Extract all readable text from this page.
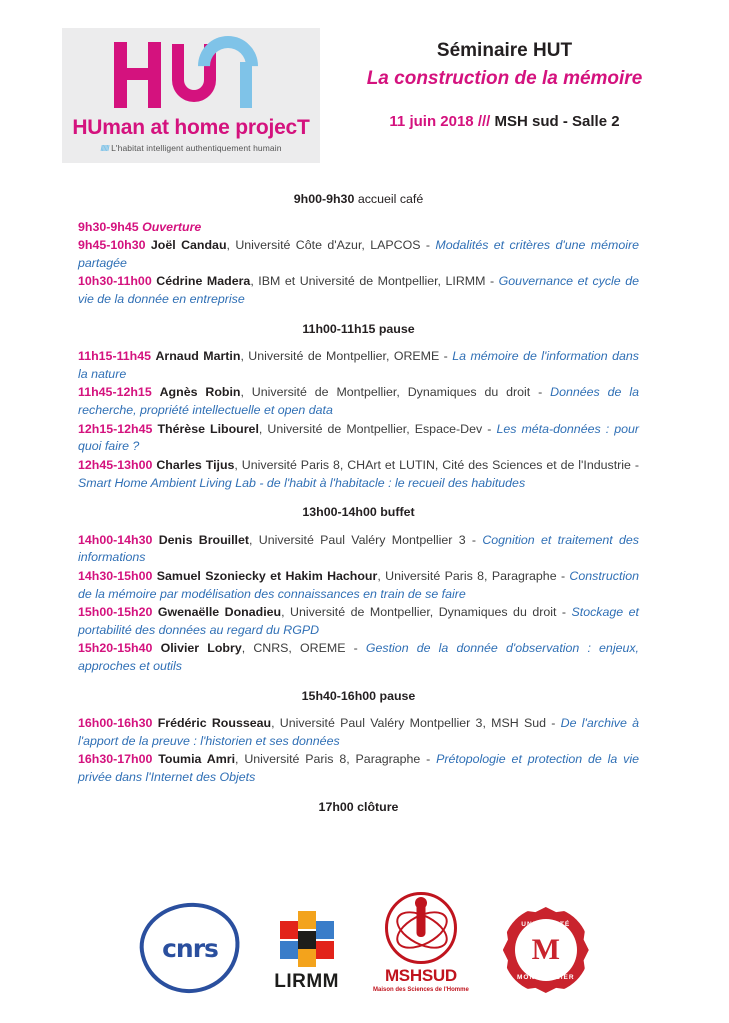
HUman at home projecT
////// L'habitat intelligent authentiquement humain
Séminaire HUT
La construction de la mémoire
11 juin 2018 /// MSH sud - Salle 2
9h00-9h30 accueil café
9h30-9h45 Ouverture
9h45-10h30 Joël Candau, Université Côte d'Azur, LAPCOS - Modalités et critères d'une mémoire partagée
10h30-11h00 Cédrine Madera, IBM et Université de Montpellier, LIRMM - Gouvernance et cycle de vie de la donnée en entreprise
11h00-11h15 pause
11h15-11h45 Arnaud Martin, Université de Montpellier, OREME - La mémoire de l'information dans la nature
11h45-12h15 Agnès Robin, Université de Montpellier, Dynamiques du droit - Données de la recherche, propriété intellectuelle et open data
12h15-12h45 Thérèse Libourel, Université de Montpellier, Espace-Dev - Les méta-données : pour quoi faire ?
12h45-13h00 Charles Tijus, Université Paris 8, CHArt et LUTIN, Cité des Sciences et de l'Industrie - Smart Home Ambient Living Lab - de l'habit à l'habitacle : le recueil des habitudes
13h00-14h00 buffet
14h00-14h30 Denis Brouillet, Université Paul Valéry Montpellier 3 - Cognition et traitement des informations
14h30-15h00 Samuel Szoniecky et Hakim Hachour, Université Paris 8, Paragraphe - Construction de la mémoire par modélisation des connaissances en train de se faire
15h00-15h20 Gwenaëlle Donadieu, Université de Montpellier, Dynamiques du droit - Stockage et portabilité des données au regard du RGPD
15h20-15h40 Olivier Lobry, CNRS, OREME - Gestion de la donnée d'observation : enjeux, approches et outils
15h40-16h00 pause
16h00-16h30 Frédéric Rousseau, Université Paul Valéry Montpellier 3, MSH Sud - De l'archive à l'apport de la preuve : l'historien et ses données
16h30-17h00 Toumia Amri, Université Paris 8, Paragraphe - Prétopologie et protection de la vie privée dans l'Internet des Objets
17h00 clôture
cnrs
LIRMM	MSHSUD
Maison des Sciences de l'Homme
UNIVERSITÉ
M
MONTPELLIER
